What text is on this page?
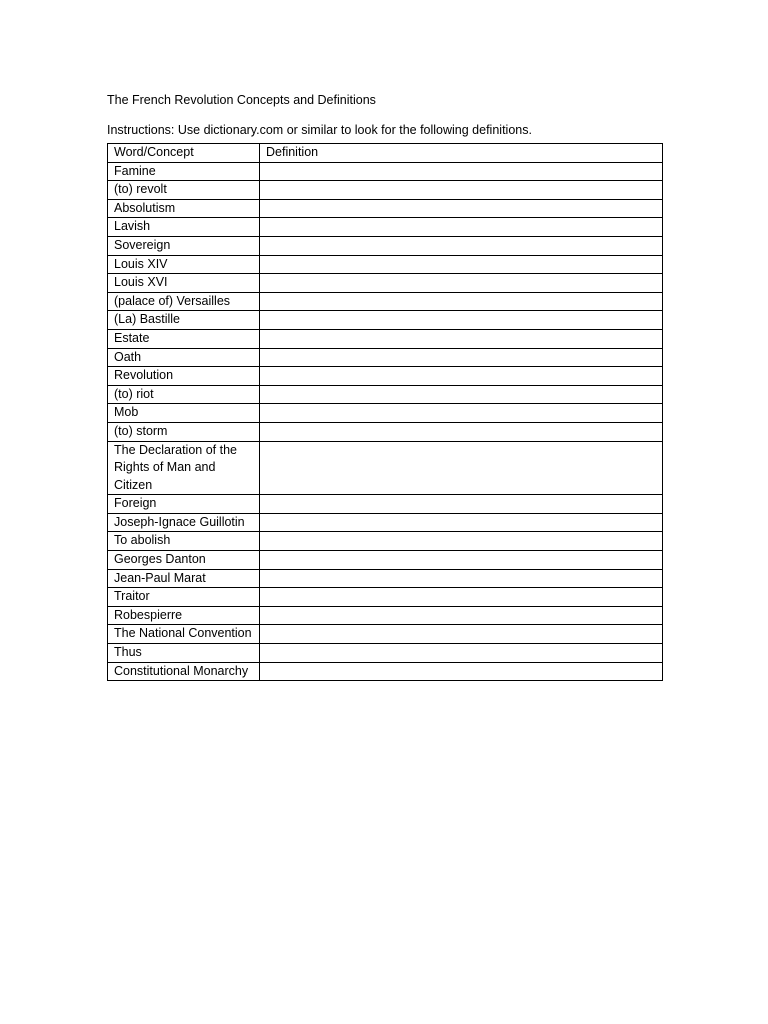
The French Revolution Concepts and Definitions

Instructions: Use dictionary.com or similar to look for the following definitions.

Word/Concept	Definition
Famine	
(to) revolt	
Absolutism	
Lavish	
Sovereign	
Louis XIV	
Louis XVI	
(palace of) Versailles	
(La) Bastille	
Estate	
Oath	
Revolution	
(to) riot	
Mob	
(to) storm	

The Declaration of the Rights of Man and Citizen	

Foreign	
Joseph-Ignace Guillotin	
To abolish	
Georges Danton	
Jean-Paul Marat	
Traitor	
Robespierre	
The National Convention	
Thus	
Constitutional Monarchy	
